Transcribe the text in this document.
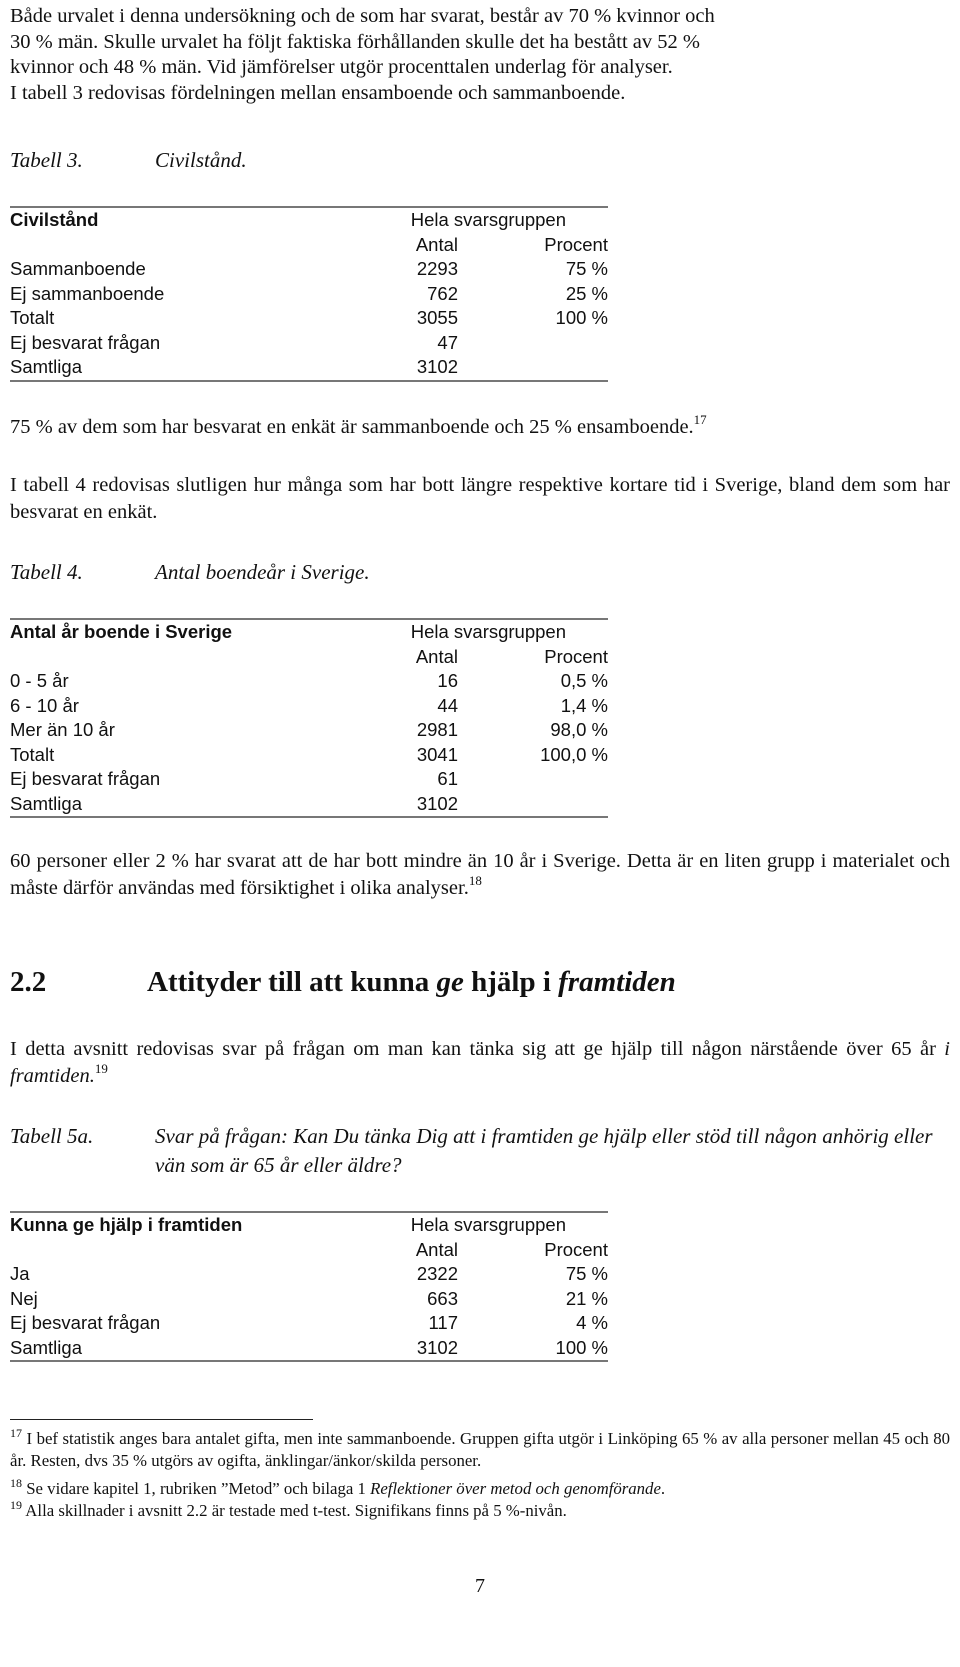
Både urvalet i denna undersökning och de som har svarat, består av 70 % kvinnor och
30 % män. Skulle urvalet ha följt faktiska förhållanden skulle det ha bestått av 52 %
kvinnor och 48 % män. Vid jämförelser utgör procenttalen underlag för analyser.
I tabell 3 redovisas fördelningen mellan ensamboende och sammanboende.

Tabell 3.	Civilstånd.
Civilstånd	Hela svarsgruppen	
	Antal	Procent
Sammanboende	2293	75 %
Ej sammanboende	762	25 %
Totalt	3055	100 %
Ej besvarat frågan	47	
Samtliga	3102	

75 % av dem som har besvarat en enkät är sammanboende och 25 % ensamboende.$^{17}$

I tabell 4 redovisas slutligen hur många som har bott längre respektive kortare tid i Sverige, bland dem som har besvarat en enkät.

Tabell 4.	Antal boendeår i Sverige.
Antal år boende i Sverige	Hela svarsgruppen	
	Antal	Procent
0 - 5 år	16	0,5 %
6 - 10 år	44	1,4 %
Mer än 10 år	2981	98,0 %
Totalt	3041	100,0 %
Ej besvarat frågan	61	
Samtliga	3102	

60 personer eller 2 % har svarat att de har bott mindre än 10 år i Sverige. Detta är en liten grupp i materialet och måste därför användas med försiktighet i olika analyser.$^{18}$

2.2	Attityder till att kunna ge hjälp i framtiden

I detta avsnitt redovisas svar på frågan om man kan tänka sig att ge hjälp till någon närstående över 65 år i framtiden.$^{19}$

Tabell 5a.	Svar på frågan: Kan Du tänka Dig att i framtiden ge hjälp eller stöd till någon anhörig eller vän som är 65 år eller äldre?
Kunna ge hjälp i framtiden	Hela svarsgruppen	
	Antal	Procent
Ja	2322	75 %
Nej	663	21 %
Ej besvarat frågan	117	4 %
Samtliga	3102	100 %

$^{17}$ I bef statistik anges bara antalet gifta, men inte sammanboende. Gruppen gifta utgör i Linköping 65 % av alla personer mellan 45 och 80 år. Resten, dvs 35 % utgörs av ogifta, änklingar/änkor/skilda personer.

$^{18}$ Se vidare kapitel 1, rubriken ”Metod” och bilaga 1 Reflektioner över metod och genomförande.

$^{19}$ Alla skillnader i avsnitt 2.2 är testade med t-test. Signifikans finns på 5 %-nivån.

7
